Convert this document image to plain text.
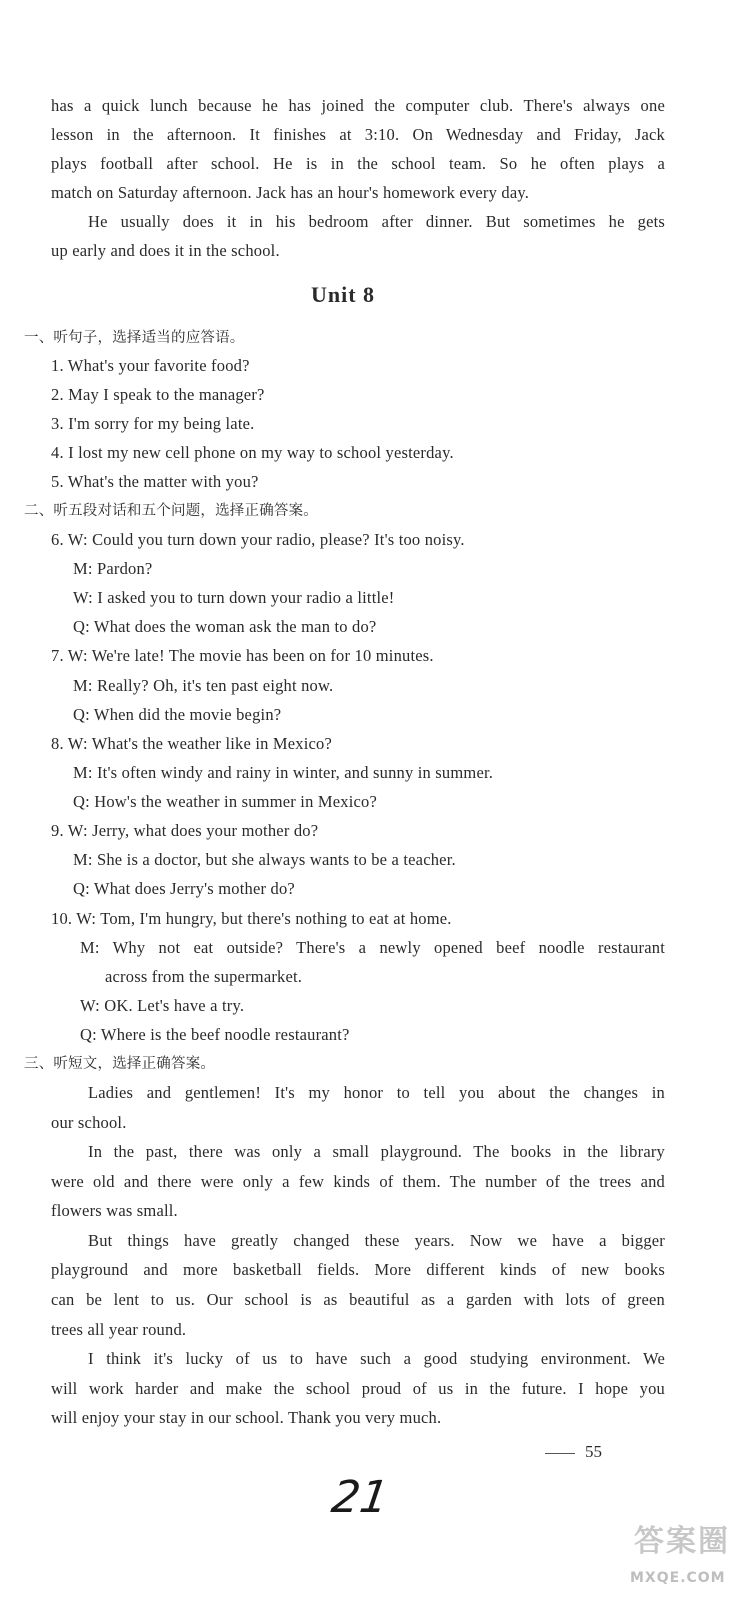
has a quick lunch because he has joined the computer club. There's always one
lesson in the afternoon. It finishes at 3:10. On Wednesday and Friday, Jack
plays football after school. He is in the school team. So he often plays a
match on Saturday afternoon. Jack has an hour's homework every day.
He usually does it in his bedroom after dinner. But sometimes he gets
up early and does it in the school.
Unit 8
一、听句子，选择适当的应答语。
1. What's your favorite food?
2. May I speak to the manager?
3. I'm sorry for my being late.
4. I lost my new cell phone on my way to school yesterday.
5. What's the matter with you?
二、听五段对话和五个问题，选择正确答案。
6. W: Could you turn down your radio, please? It's too noisy.
M: Pardon?
W: I asked you to turn down your radio a little!
Q: What does the woman ask the man to do?
7. W: We're late! The movie has been on for 10 minutes.
M: Really? Oh, it's ten past eight now.
Q: When did the movie begin?
8. W: What's the weather like in Mexico?
M: It's often windy and rainy in winter, and sunny in summer.
Q: How's the weather in summer in Mexico?
9. W: Jerry, what does your mother do?
M: She is a doctor, but she always wants to be a teacher.
Q: What does Jerry's mother do?
10. W: Tom, I'm hungry, but there's nothing to eat at home.
M: Why not eat outside? There's a newly opened beef noodle restaurant
across from the supermarket.
W: OK. Let's have a try.
Q: Where is the beef noodle restaurant?
三、听短文，选择正确答案。
Ladies and gentlemen! It's my honor to tell you about the changes in
our school.
In the past, there was only a small playground. The books in the library
were old and there were only a few kinds of them. The number of the trees and
flowers was small.
But things have greatly changed these years. Now we have a bigger
playground and more basketball fields. More different kinds of new books
can be lent to us. Our school is as beautiful as a garden with lots of green
trees all year round.
I think it's lucky of us to have such a good studying environment. We
will work harder and make the school proud of us in the future. I hope you
will enjoy your stay in our school. Thank you very much.
55
21
答案圈
MXQE.COM
